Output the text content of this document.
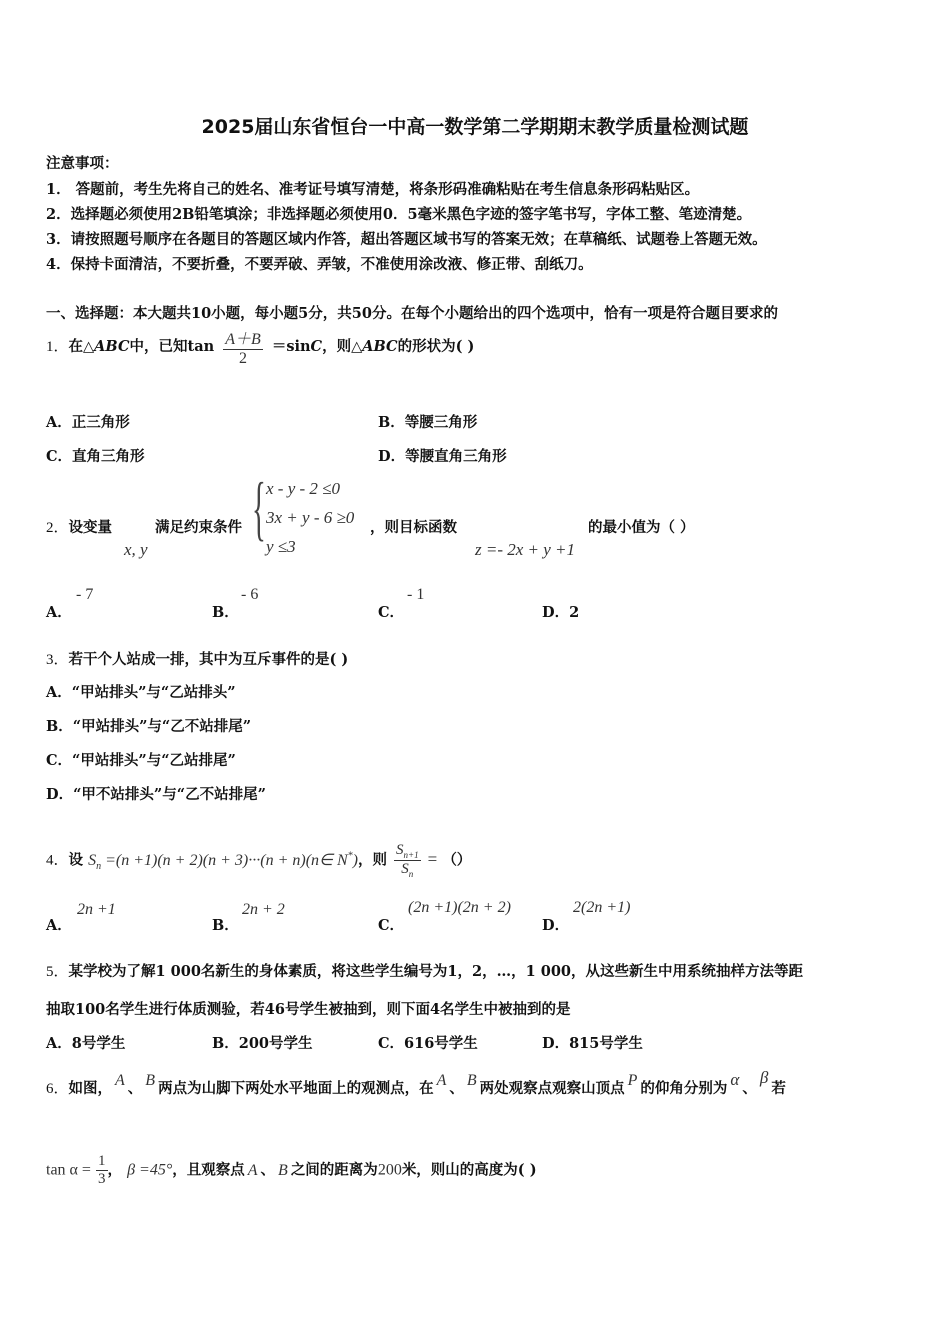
2025届山东省恒台一中高一数学第二学期期末教学质量检测试题
注意事项：
1． 答题前，考生先将自己的姓名、准考证号填写清楚，将条形码准确粘贴在考生信息条形码粘贴区。
2．选择题必须使用2B铅笔填涂；非选择题必须使用0．5毫米黑色字迹的签字笔书写，字体工整、笔迹清楚。
3．请按照题号顺序在各题目的答题区域内作答，超出答题区域书写的答案无效；在草稿纸、试题卷上答题无效。
4．保持卡面清洁，不要折叠，不要弄破、弄皱，不准使用涂改液、修正带、刮纸刀。
一、选择题：本大题共10小题，每小题5分，共50分。在每个小题给出的四个选项中，恰有一项是符合题目要求的
1．在△ABC中，已知$\tan \frac{A+B}{2} =\sin C$，则△ABC的形状为( )
A．正三角形	B．等腰三角形
C．直角三角形	D．等腰直角三角形
2．设变量
x, y
满足约束条件 { x - y - 2 ≤0
3x + y - 6 ≥0
y ≤3
，则目标函数
z =- 2x + y +1
的最小值为（ ）
A．
- 7
B．
- 6
C．
- 1
D．2
3．若干个人站成一排，其中为互斥事件的是( )
A．“甲站排头”与“乙站排头”
B．“甲站排头”与“乙不站排尾”
C．“甲站排头”与“乙站排尾”
D．“甲不站排头”与“乙不站排尾”
4．设 $S_n =(n +1)(n + 2)(n + 3)\cdot\cdot\cdot(n$ + n)(n∈ N*)，则 $\frac{S_{n+1}}{S_n}$ = （）
A．
2n +1
B．
2n + 2
C．
(2n +1)(2n + 2)
D．
2(2n +1)
5．某学校为了解1 000名新生的身体素质，将这些学生编号为1，2，…，1 000，从这些新生中用系统抽样方法等距
抽取100名学生进行体质测验，若46号学生被抽到，则下面4名学生中被抽到的是
A．8号学生	B．200号学生	C．616号学生	D．815号学生
6．如图， A 、 B 两点为山脚下两处水平地面上的观测点，在 A 、 B 两处观察点观察山顶点 P 的仰角分别为 α 、β若
$\tan \alpha = \frac{1}{3}$ ， β =45°，且观察点 A 、 B 之间的距离为200米，则山的高度为( )
